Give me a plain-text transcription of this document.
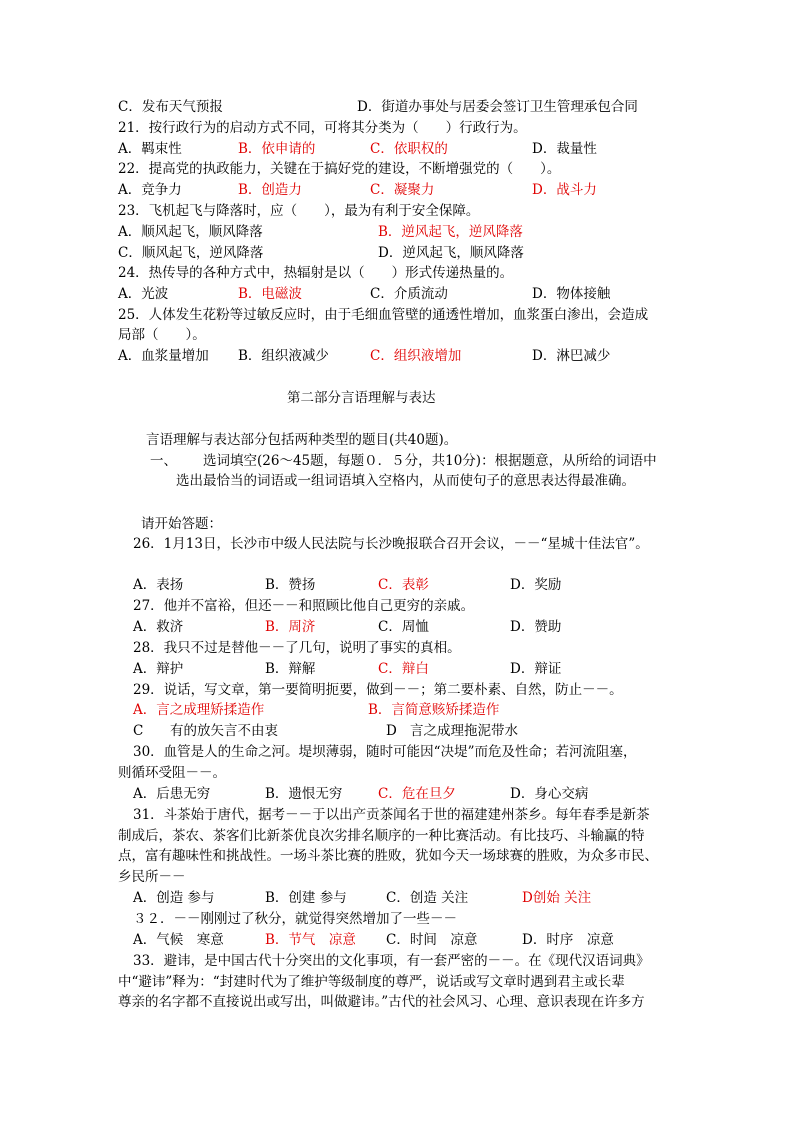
C．发布天气预报	D．街道办事处与居委会签订卫生管理承包合同
21．按行政行为的启动方式不同，可将其分类为（　　）行政行为。
A．羁束性	B．依申请的	C．依职权的	D．裁量性
22．提高党的执政能力，关键在于搞好党的建设，不断增强党的（　　）。
A．竞争力	B．创造力	C．凝聚力	D．战斗力
23．飞机起飞与降落时，应（　　），最为有利于安全保障。
A．顺风起飞，顺风降落	B．逆风起飞，逆风降落
C．顺风起飞，逆风降落	D．逆风起飞，顺风降落
24．热传导的各种方式中，热辐射是以（　　）形式传递热量的。
A．光波	B．电磁波	C．介质流动	D．物体接触
25．人体发生花粉等过敏反应时，由于毛细血管壁的通透性增加，血浆蛋白渗出，会造成
局部（　　）。
A．血浆量增加 B．组织液减少	C．组织液增加	D．淋巴减少
第二部分言语理解与表达
言语理解与表达部分包括两种类型的题目(共40题)。
一、 选词填空(26～45题，每题０．５分，共10分)：根据题意，从所给的词语中
选出最恰当的词语或一组词语填入空格内，从而使句子的意思表达得最准确。
请开始答题：
26．1月13日，长沙市中级人民法院与长沙晚报联合召开会议，－－“星城十佳法官”。
A．表扬	B．赞扬	C．表彰	D．奖励
27．他并不富裕，但还－－和照顾比他自己更穷的亲戚。
A．救济	B．周济	C．周恤	D．赞助
28．我只不过是替他－－了几句，说明了事实的真相。
A．辩护	B．辩解	C．辩白	D．辩证
29．说话，写文章，第一要简明扼要，做到－－；第二要朴素、自然，防止－－。
A．言之成理矫揉造作	B．言简意赅矫揉造作
C 有的放矢言不由衷	D 言之成理拖泥带水
30．血管是人的生命之河。堤坝薄弱，随时可能因“决堤”而危及性命；若河流阻塞，
则循环受阻－－。
A．后患无穷	B．遗恨无穷	C．危在旦夕	D．身心交病
31．斗茶始于唐代，据考－－于以出产贡茶闻名于世的福建建州茶乡。每年春季是新茶
制成后，茶农、茶客们比新茶优良次劣排名顺序的一种比赛活动。有比技巧、斗输赢的特
点，富有趣味性和挑战性。一场斗茶比赛的胜败，犹如今天一场球赛的胜败，为众多市民、
乡民所－－
A．创造 参与	B．创建 参与	C．创造 关注	D创始 关注
３２．－－刚刚过了秋分，就觉得突然增加了一些－－
A．气候　寒意	B．节气　凉意 C．时间　凉意	D．时序　凉意
33．避讳，是中国古代十分突出的文化事项，有一套严密的－－。在《现代汉语词典》
中“避讳”释为：“封建时代为了维护等级制度的尊严，说话或写文章时遇到君主或长辈
尊亲的名字都不直接说出或写出，叫做避讳。”古代的社会风习、心理、意识表现在许多方
